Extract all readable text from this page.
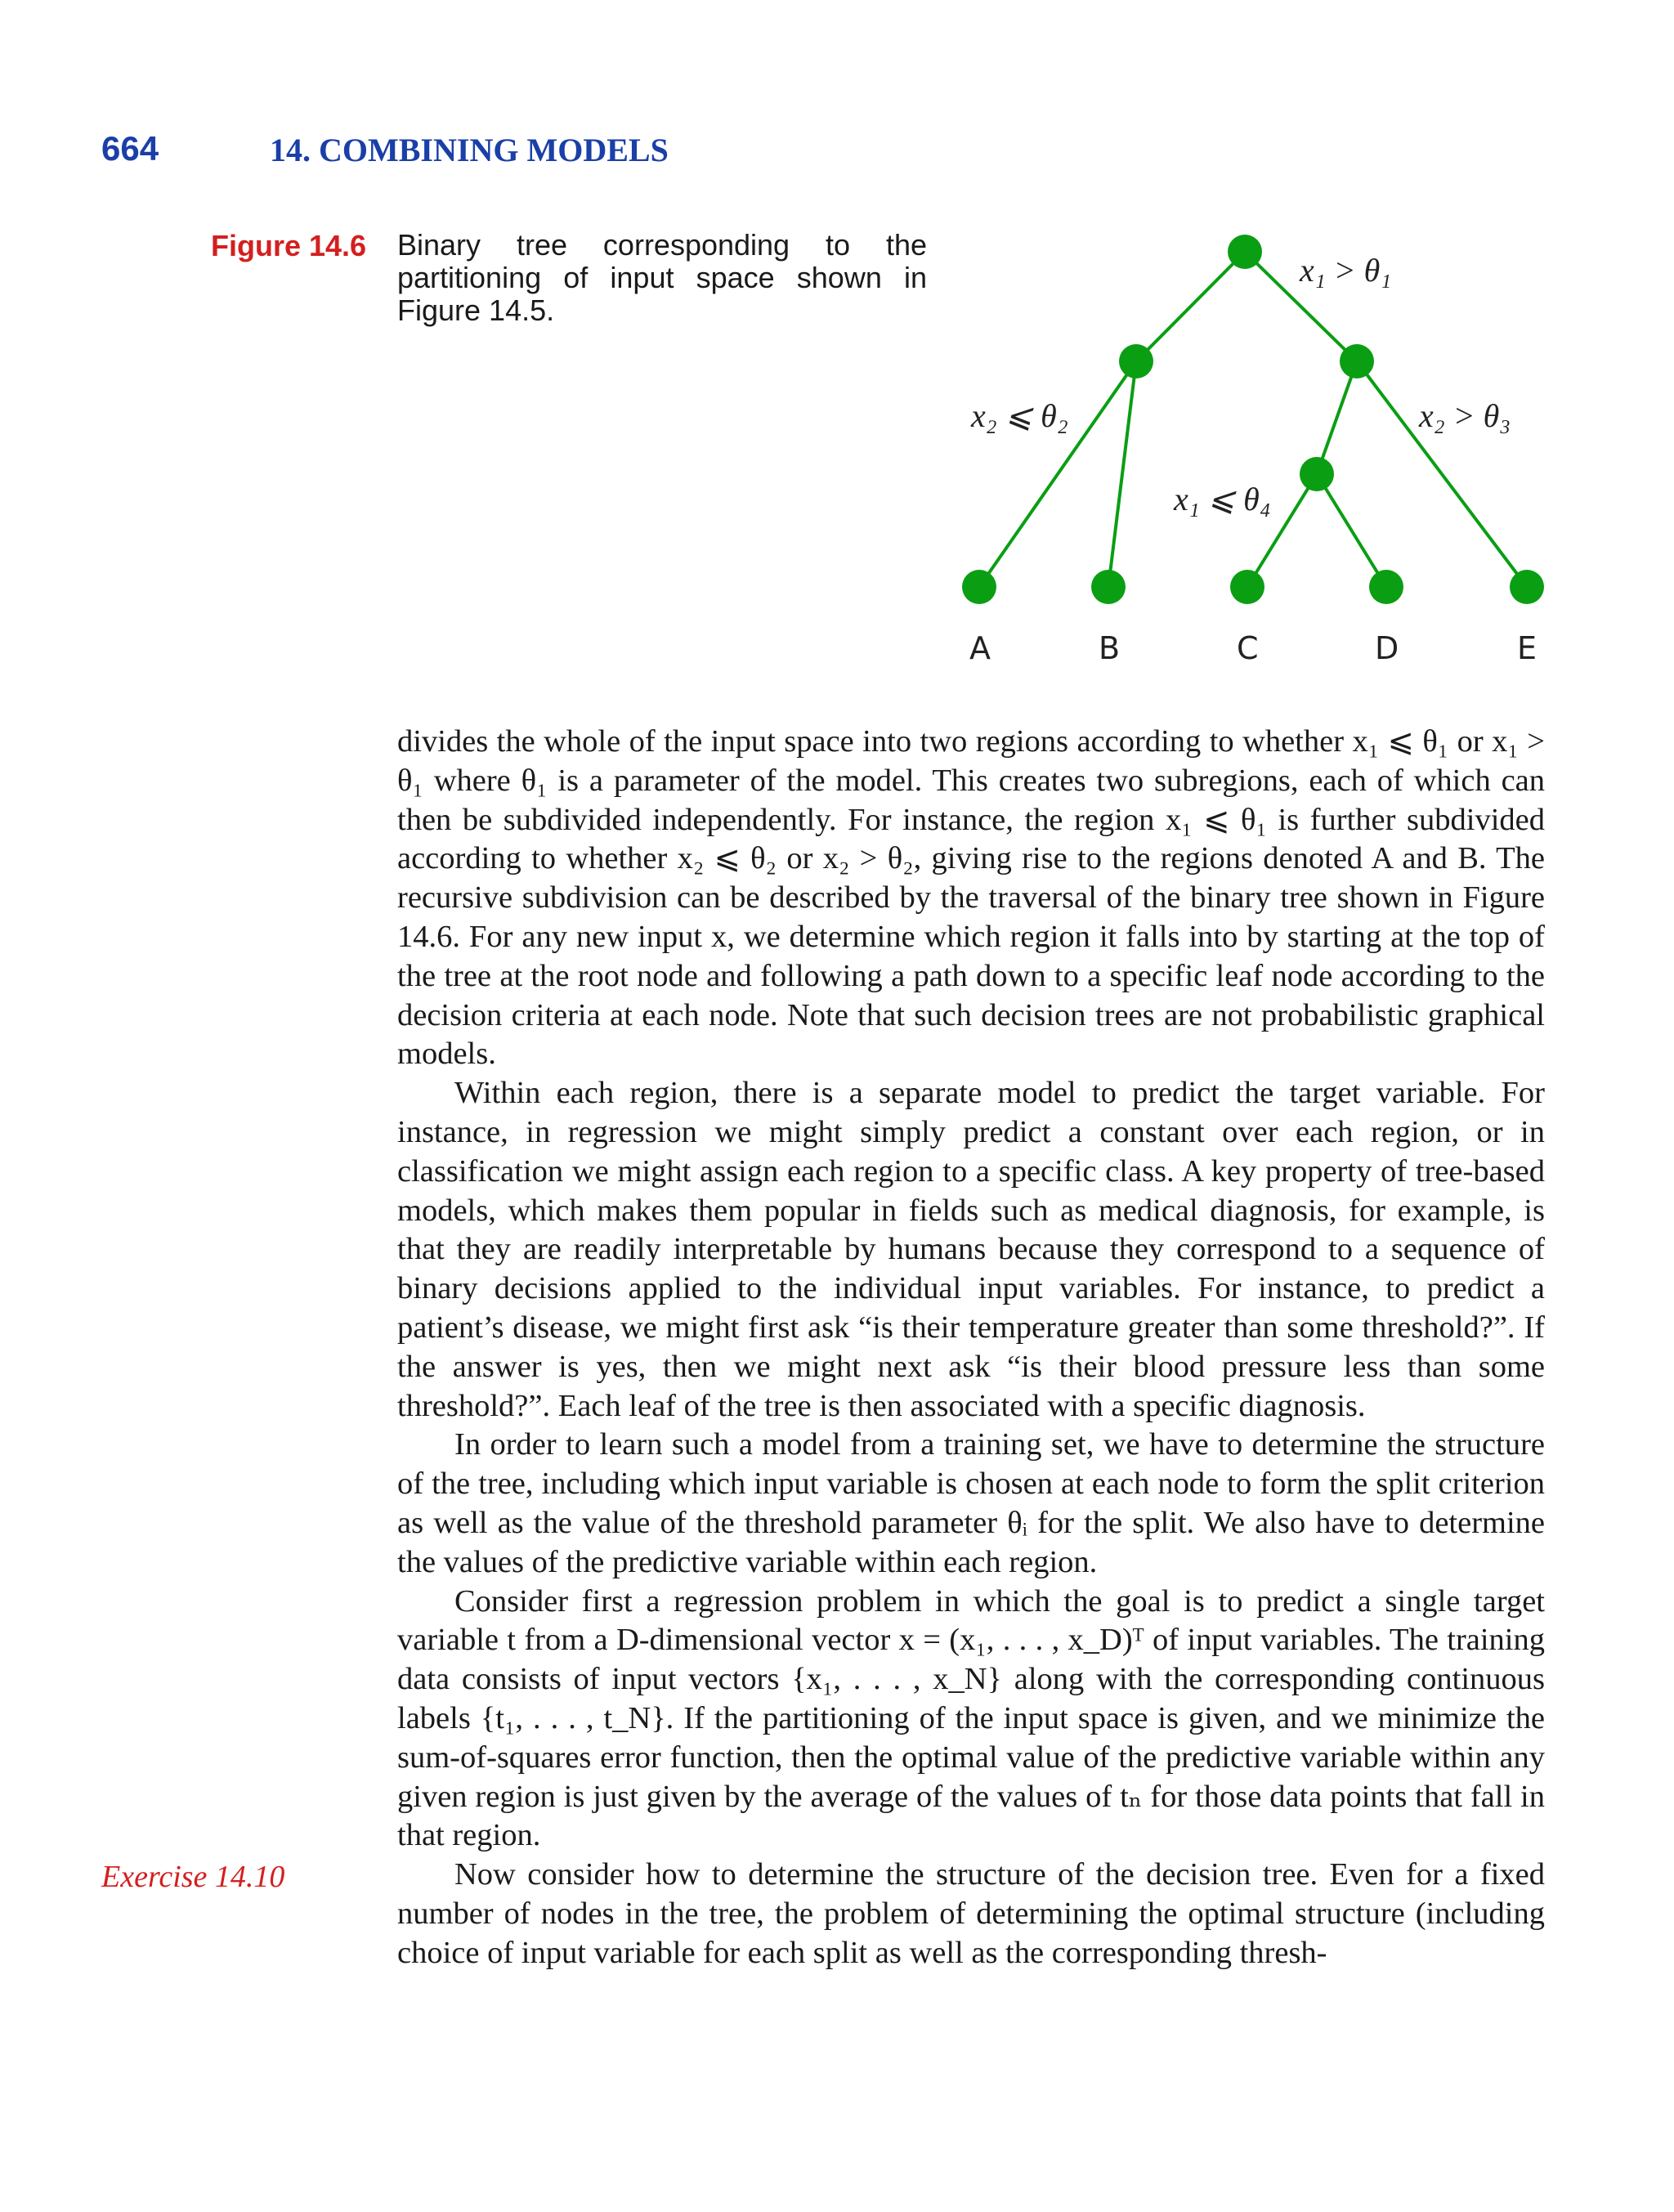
664	14. COMBINING MODELS
Figure 14.6 Binary tree corresponding to the partitioning of input space shown in Figure 14.5.
x₁ > θ₁
x₂ ⩽ θ₂	x₂ > θ₃
x₁ ⩽ θ₄
A	B	C	D	E

divides the whole of the input space into two regions according to whether x₁ ⩽ θ₁ or x₁ > θ₁ where θ₁ is a parameter of the model. This creates two subregions, each of which can then be subdivided independently. For instance, the region x₁ ⩽ θ₁ is further subdivided according to whether x₂ ⩽ θ₂ or x₂ > θ₂, giving rise to the regions denoted A and B. The recursive subdivision can be described by the traversal of the binary tree shown in Figure 14.6. For any new input x, we determine which region it falls into by starting at the top of the tree at the root node and following a path down to a specific leaf node according to the decision criteria at each node. Note that such decision trees are not probabilistic graphical models.

Within each region, there is a separate model to predict the target variable. For instance, in regression we might simply predict a constant over each region, or in classification we might assign each region to a specific class. A key property of tree-based models, which makes them popular in fields such as medical diagnosis, for example, is that they are readily interpretable by humans because they correspond to a sequence of binary decisions applied to the individual input variables. For instance, to predict a patient’s disease, we might first ask “is their temperature greater than some threshold?”. If the answer is yes, then we might next ask “is their blood pressure less than some threshold?”. Each leaf of the tree is then associated with a specific diagnosis.

In order to learn such a model from a training set, we have to determine the structure of the tree, including which input variable is chosen at each node to form the split criterion as well as the value of the threshold parameter θᵢ for the split. We also have to determine the values of the predictive variable within each region.

Consider first a regression problem in which the goal is to predict a single target variable t from a D-dimensional vector x = (x₁, . . . , x_D)ᵀ of input variables. The training data consists of input vectors {x₁, . . . , x_N} along with the corresponding continuous labels {t₁, . . . , t_N}. If the partitioning of the input space is given, and we minimize the sum-of-squares error function, then the optimal value of the predictive variable within any given region is just given by the average of the values of tₙ for those data points that fall in that region.

Now consider how to determine the structure of the decision tree. Even for a fixed number of nodes in the tree, the problem of determining the optimal structure (including choice of input variable for each split as well as the corresponding thresh-

Exercise 14.10
